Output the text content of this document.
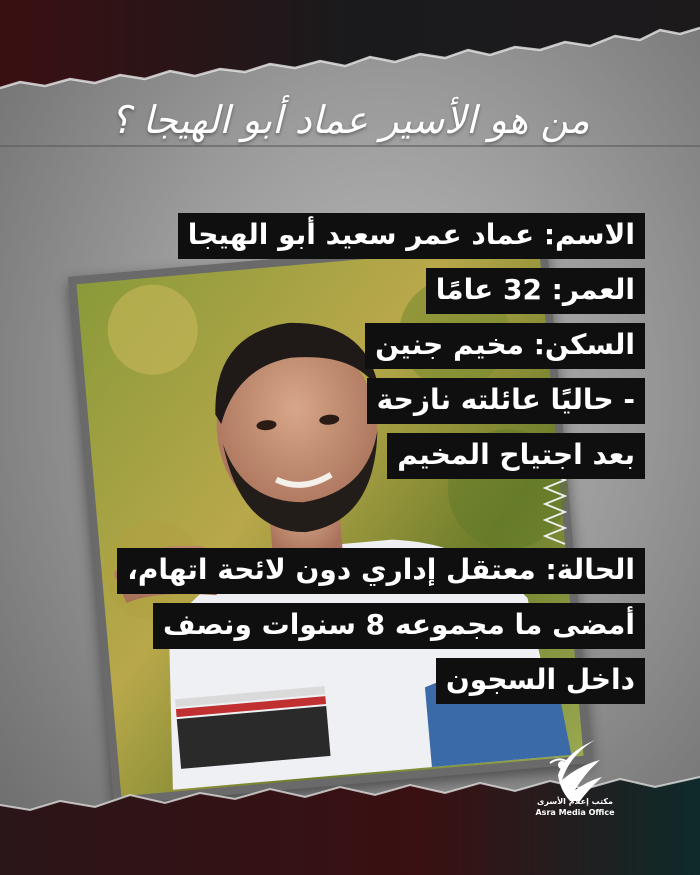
من هو الأسير عماد أبو الهيجا ؟
الاسم: عماد عمر سعيد أبو الهيجا
العمر: 32 عامًا
السكن: مخيم جنين
- حاليًا عائلته نازحة
بعد اجتياح المخيم
الحالة: معتقل إداري دون لائحة اتهام،
أمضى ما مجموعه 8 سنوات ونصف
داخل السجون
مكتب إعلام الأسرى
Asra Media Office
